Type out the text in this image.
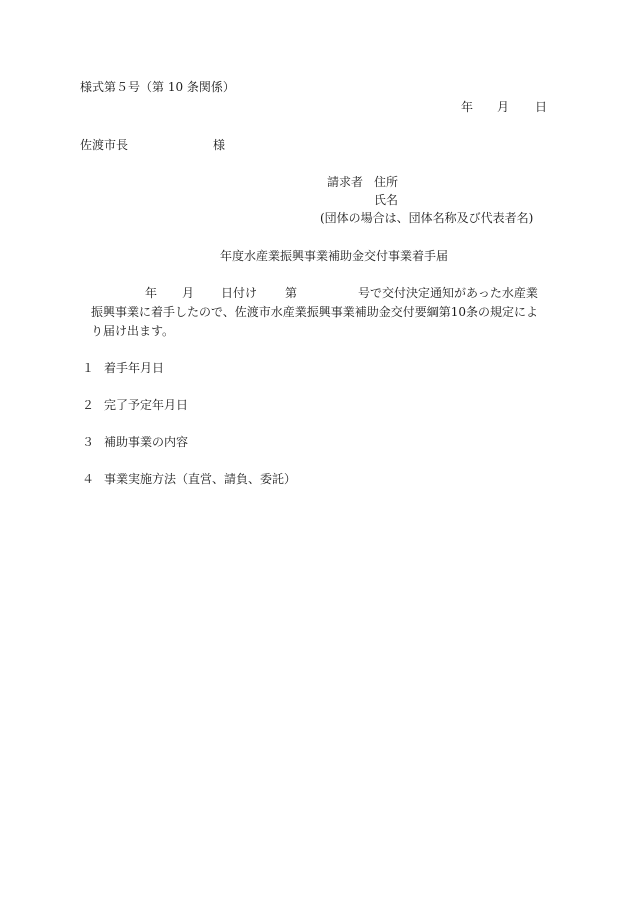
様式第５号（第 10 条関係）
年 月 日
佐渡市長	様
請求者 住所
氏名
(団体の場合は、団体名称及び代表者名)
年度水産業振興事業補助金交付事業着手届
年 月 日付け 第	号で交付決定通知があった水産業
振興事業に着手したので、佐渡市水産業振興事業補助金交付要綱第10条の規定によ
り届け出ます。
１ 着手年月日
２ 完了予定年月日
３ 補助事業の内容
４ 事業実施方法（直営、請負、委託）
